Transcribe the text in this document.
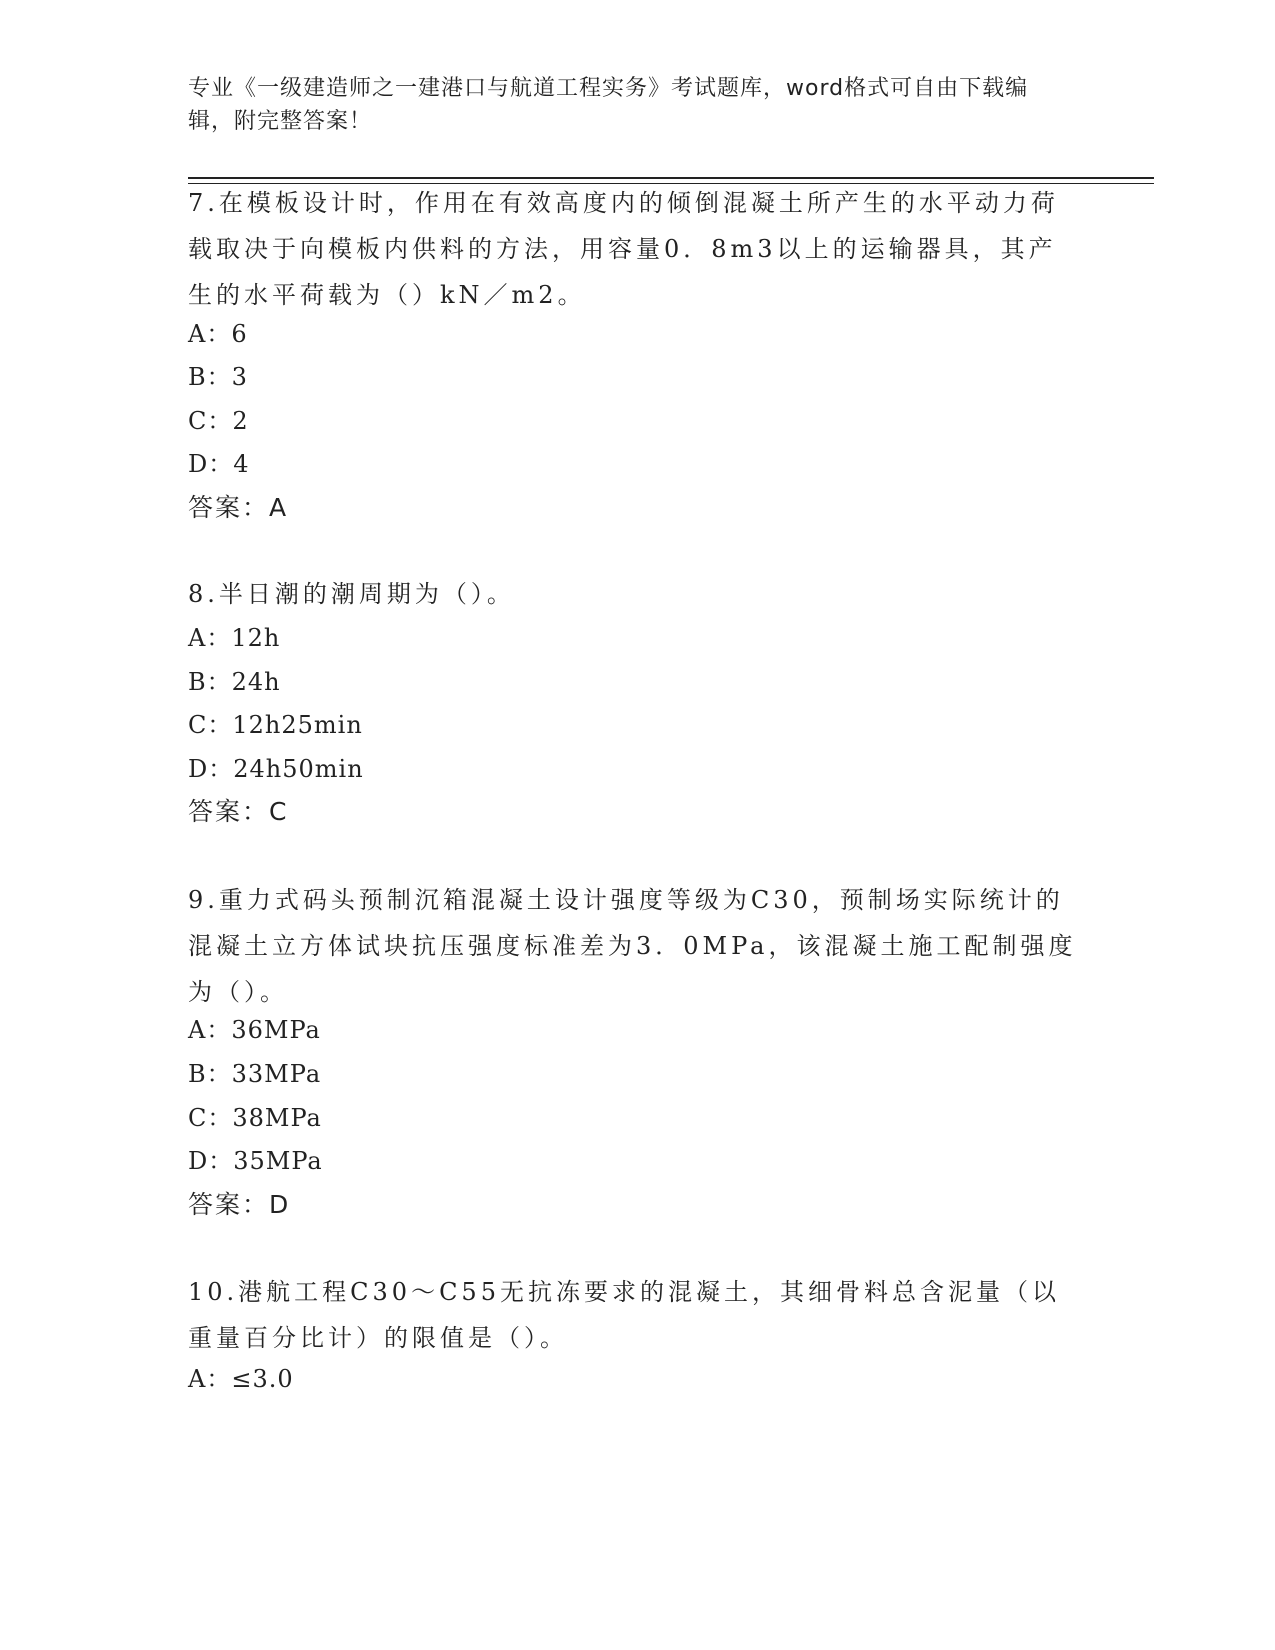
专业《一级建造师之一建港口与航道工程实务》考试题库，word格式可自由下载编辑，附完整答案！

7.在模板设计时，作用在有效高度内的倾倒混凝土所产生的水平动力荷载取决于向模板内供料的方法，用容量0．8m3以上的运输器具，其产生的水平荷载为（）kN／m2。

A：6

B：3

C：2

D：4

答案：A

8.半日潮的潮周期为（）。

A：12h

B：24h

C：12h25min

D：24h50min

答案：C

9.重力式码头预制沉箱混凝土设计强度等级为C30，预制场实际统计的混凝土立方体试块抗压强度标准差为3．0MPa，该混凝土施工配制强度为（）。

A：36MPa

B：33MPa

C：38MPa

D：35MPa

答案：D

10.港航工程C30～C55无抗冻要求的混凝土，其细骨料总含泥量（以重量百分比计）的限值是（）。

A：≤3.0
